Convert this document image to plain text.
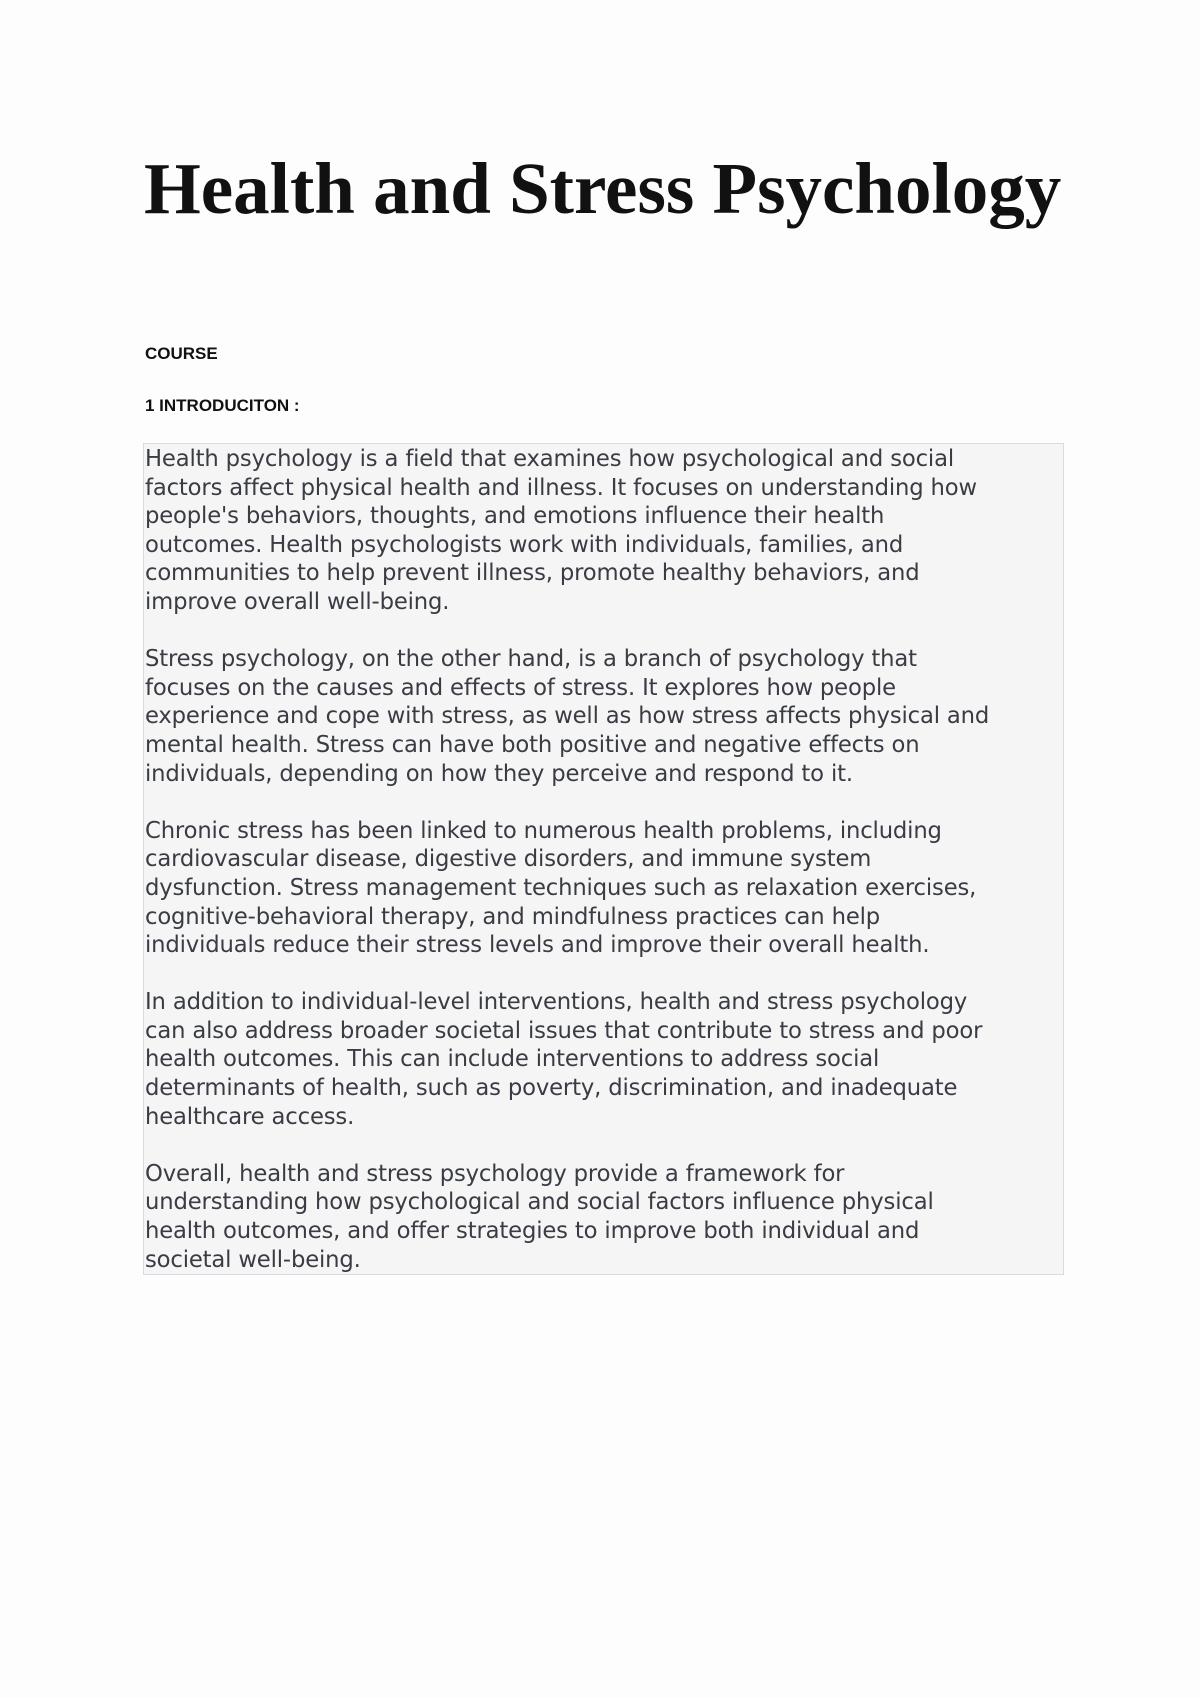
Health and Stress Psychology

COURSE

1 INTRODUCITON :

Health psychology is a field that examines how psychological and social
factors affect physical health and illness. It focuses on understanding how
people's behaviors, thoughts, and emotions influence their health
outcomes. Health psychologists work with individuals, families, and
communities to help prevent illness, promote healthy behaviors, and
improve overall well-being.

Stress psychology, on the other hand, is a branch of psychology that
focuses on the causes and effects of stress. It explores how people
experience and cope with stress, as well as how stress affects physical and
mental health. Stress can have both positive and negative effects on
individuals, depending on how they perceive and respond to it.

Chronic stress has been linked to numerous health problems, including
cardiovascular disease, digestive disorders, and immune system
dysfunction. Stress management techniques such as relaxation exercises,
cognitive-behavioral therapy, and mindfulness practices can help
individuals reduce their stress levels and improve their overall health.

In addition to individual-level interventions, health and stress psychology
can also address broader societal issues that contribute to stress and poor
health outcomes. This can include interventions to address social
determinants of health, such as poverty, discrimination, and inadequate
healthcare access.

Overall, health and stress psychology provide a framework for
understanding how psychological and social factors influence physical
health outcomes, and offer strategies to improve both individual and
societal well-being.
